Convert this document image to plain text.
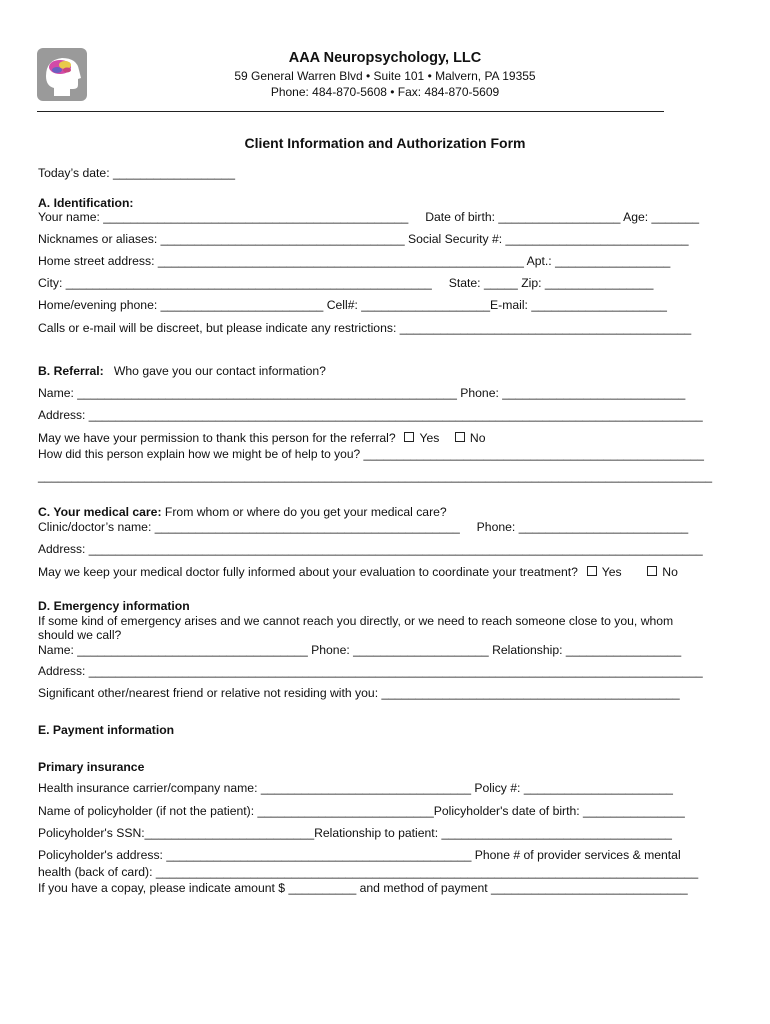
AAA Neuropsychology, LLC
59 General Warren Blvd • Suite 101 • Malvern, PA 19355
Phone: 484-870-5608 • Fax: 484-870-5609
Client Information and Authorization Form
Today’s date: __________________
A. Identification:
Your name: _____________________________________________     Date of birth: __________________ Age: _______
Nicknames or aliases: ____________________________________ Social Security #: ___________________________
Home street address: ______________________________________________________ Apt.: _________________
City: ______________________________________________________     State: _____ Zip: ________________
Home/evening phone: ________________________ Cell#: ___________________E-mail: ____________________
Calls or e-mail will be discreet, but please indicate any restrictions: ___________________________________________
B. Referral: Who gave you our contact information?
Name: ________________________________________________________ Phone: ___________________________
Address: ____________________________________________________________________________________________
May we have your permission to thank this person for the referral? Yes	No
How did this person explain how we might be of help to you? ___________________________________________________
_____________________________________________________________________________________________________
C. Your medical care: From whom or where do you get your medical care?
Clinic/doctor’s name: _____________________________________________     Phone: _________________________
Address: ____________________________________________________________________________________________
May we keep your medical doctor fully informed about your evaluation to coordinate your treatment? Yes	No
D. Emergency information
If some kind of emergency arises and we cannot reach you directly, or we need to reach someone close to you, whom
should we call?
Name: __________________________________ Phone: ____________________ Relationship: _________________
Address: ____________________________________________________________________________________________
Significant other/nearest friend or relative not residing with you: ____________________________________________
E. Payment information
Primary insurance
Health insurance carrier/company name: _______________________________ Policy #: ______________________
Name of policyholder (if not the patient): __________________________Policyholder's date of birth: _______________
Policyholder's SSN:_________________________Relationship to patient: __________________________________
Policyholder's address: _____________________________________________ Phone # of provider services & mental
health (back of card): ________________________________________________________________________________
If you have a copay, please indicate amount $ __________ and method of payment _____________________________
